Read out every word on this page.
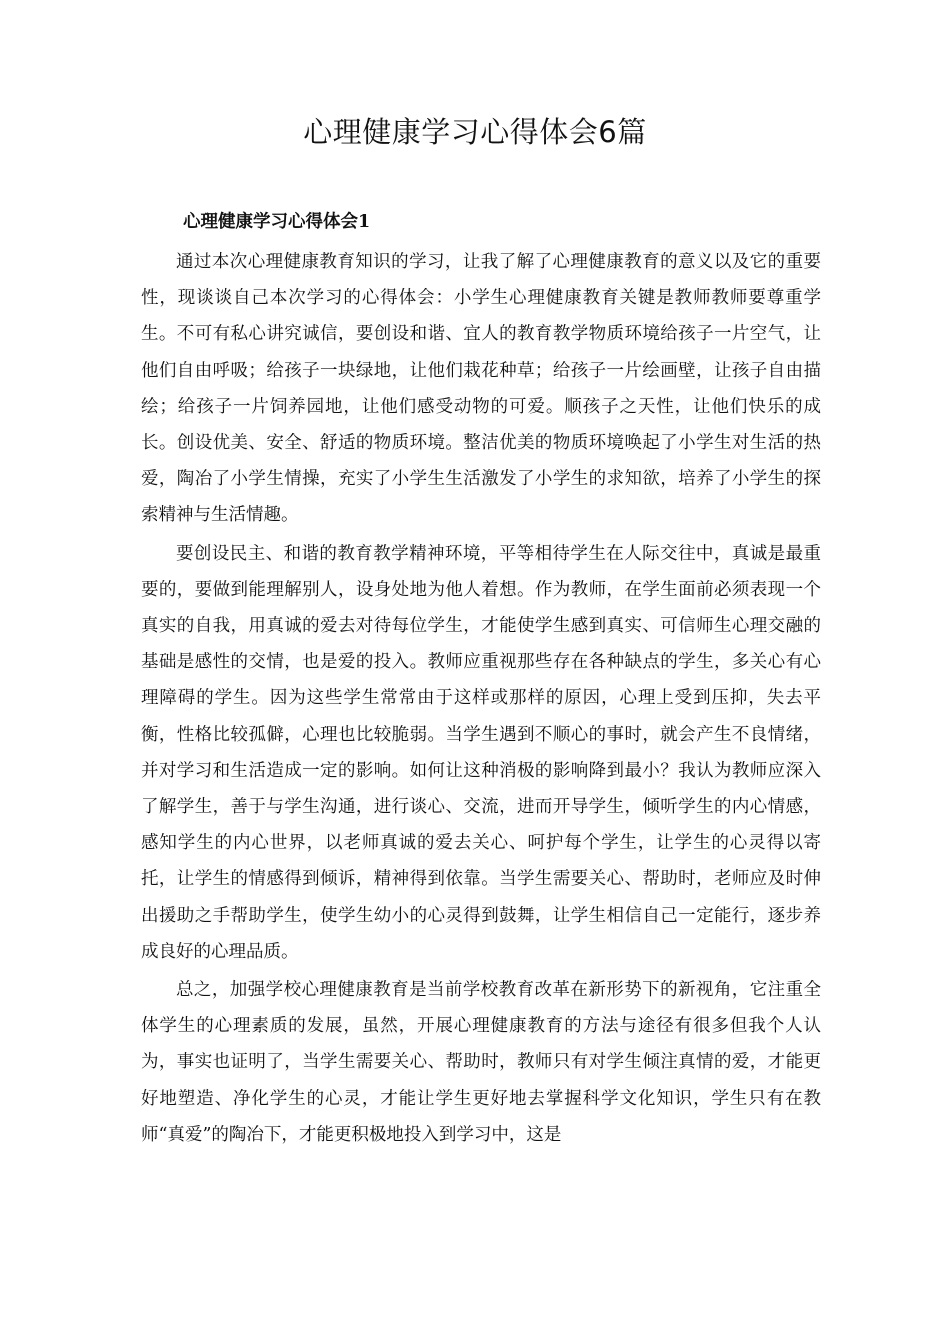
心理健康学习心得体会6篇
心理健康学习心得体会1

通过本次心理健康教育知识的学习，让我了解了心理健康教育的意义以及它的重要性，现谈谈自己本次学习的心得体会：小学生心理健康教育关键是教师教师要尊重学生。不可有私心讲究诚信，要创设和谐、宜人的教育教学物质环境给孩子一片空气，让他们自由呼吸；给孩子一块绿地，让他们栽花种草；给孩子一片绘画壁，让孩子自由描绘；给孩子一片饲养园地，让他们感受动物的可爱。顺孩子之天性，让他们快乐的成长。创设优美、安全、舒适的物质环境。整洁优美的物质环境唤起了小学生对生活的热爱，陶冶了小学生情操，充实了小学生生活激发了小学生的求知欲，培养了小学生的探索精神与生活情趣。

要创设民主、和谐的教育教学精神环境，平等相待学生在人际交往中，真诚是最重要的，要做到能理解别人，设身处地为他人着想。作为教师，在学生面前必须表现一个真实的自我，用真诚的爱去对待每位学生，才能使学生感到真实、可信师生心理交融的基础是感性的交情，也是爱的投入。教师应重视那些存在各种缺点的学生，多关心有心理障碍的学生。因为这些学生常常由于这样或那样的原因，心理上受到压抑，失去平衡，性格比较孤僻，心理也比较脆弱。当学生遇到不顺心的事时，就会产生不良情绪，并对学习和生活造成一定的影响。如何让这种消极的影响降到最小？我认为教师应深入了解学生，善于与学生沟通，进行谈心、交流，进而开导学生，倾听学生的内心情感，感知学生的内心世界，以老师真诚的爱去关心、呵护每个学生，让学生的心灵得以寄托，让学生的情感得到倾诉，精神得到依靠。当学生需要关心、帮助时，老师应及时伸出援助之手帮助学生，使学生幼小的心灵得到鼓舞，让学生相信自己一定能行，逐步养成良好的心理品质。

总之，加强学校心理健康教育是当前学校教育改革在新形势下的新视角，它注重全体学生的心理素质的发展，虽然，开展心理健康教育的方法与途径有很多但我个人认为，事实也证明了，当学生需要关心、帮助时，教师只有对学生倾注真情的爱，才能更好地塑造、净化学生的心灵，才能让学生更好地去掌握科学文化知识，学生只有在教师“真爱”的陶冶下，才能更积极地投入到学习中，这是
